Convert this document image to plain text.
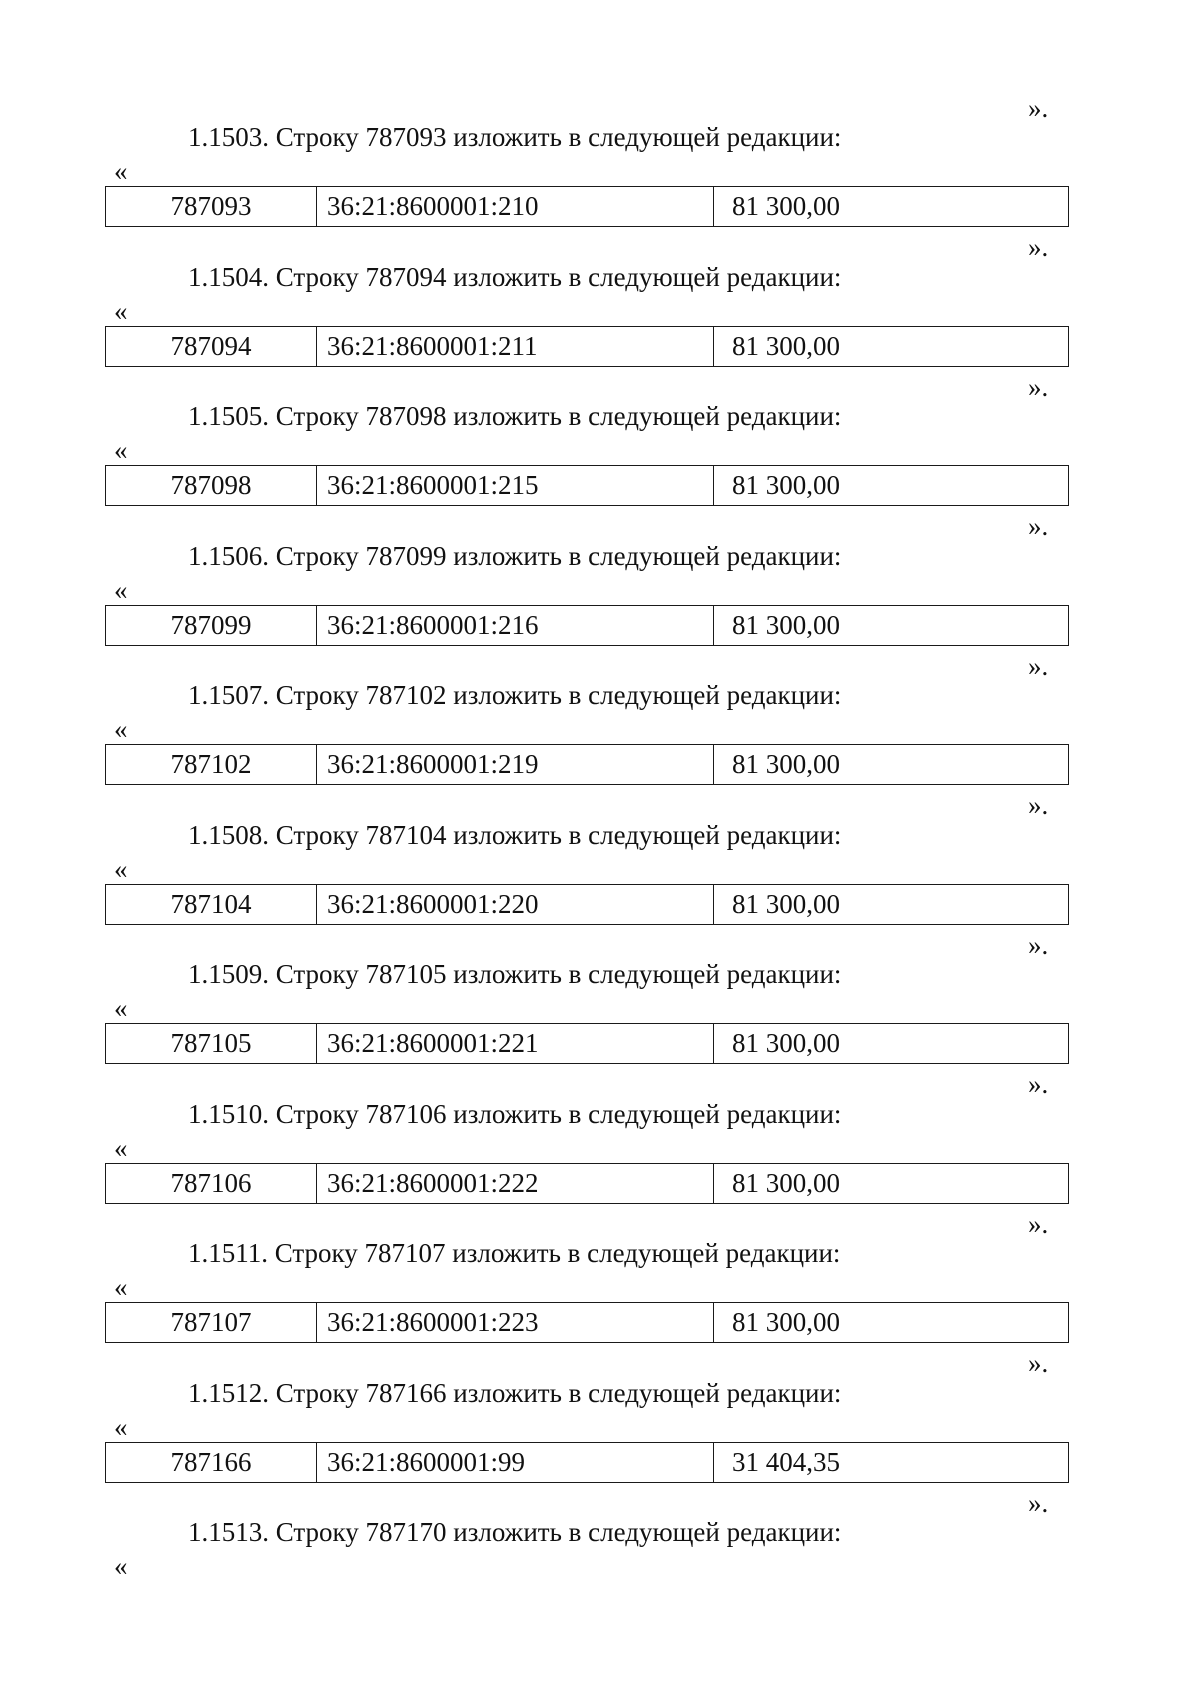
».
1.1503. Строку 787093 изложить в следующей редакции:
«
787093	36:21:8600001:210	81 300,00
».
1.1504. Строку 787094 изложить в следующей редакции:
«
787094	36:21:8600001:211	81 300,00
».
1.1505. Строку 787098 изложить в следующей редакции:
«
787098	36:21:8600001:215	81 300,00
».
1.1506. Строку 787099 изложить в следующей редакции:
«
787099	36:21:8600001:216	81 300,00
».
1.1507. Строку 787102 изложить в следующей редакции:
«
787102	36:21:8600001:219	81 300,00
».
1.1508. Строку 787104 изложить в следующей редакции:
«
787104	36:21:8600001:220	81 300,00
».
1.1509. Строку 787105 изложить в следующей редакции:
«
787105	36:21:8600001:221	81 300,00
».
1.1510. Строку 787106 изложить в следующей редакции:
«
787106	36:21:8600001:222	81 300,00
».
1.1511. Строку 787107 изложить в следующей редакции:
«
787107	36:21:8600001:223	81 300,00
».
1.1512. Строку 787166 изложить в следующей редакции:
«
787166	36:21:8600001:99	31 404,35
».
1.1513. Строку 787170 изложить в следующей редакции:
«
